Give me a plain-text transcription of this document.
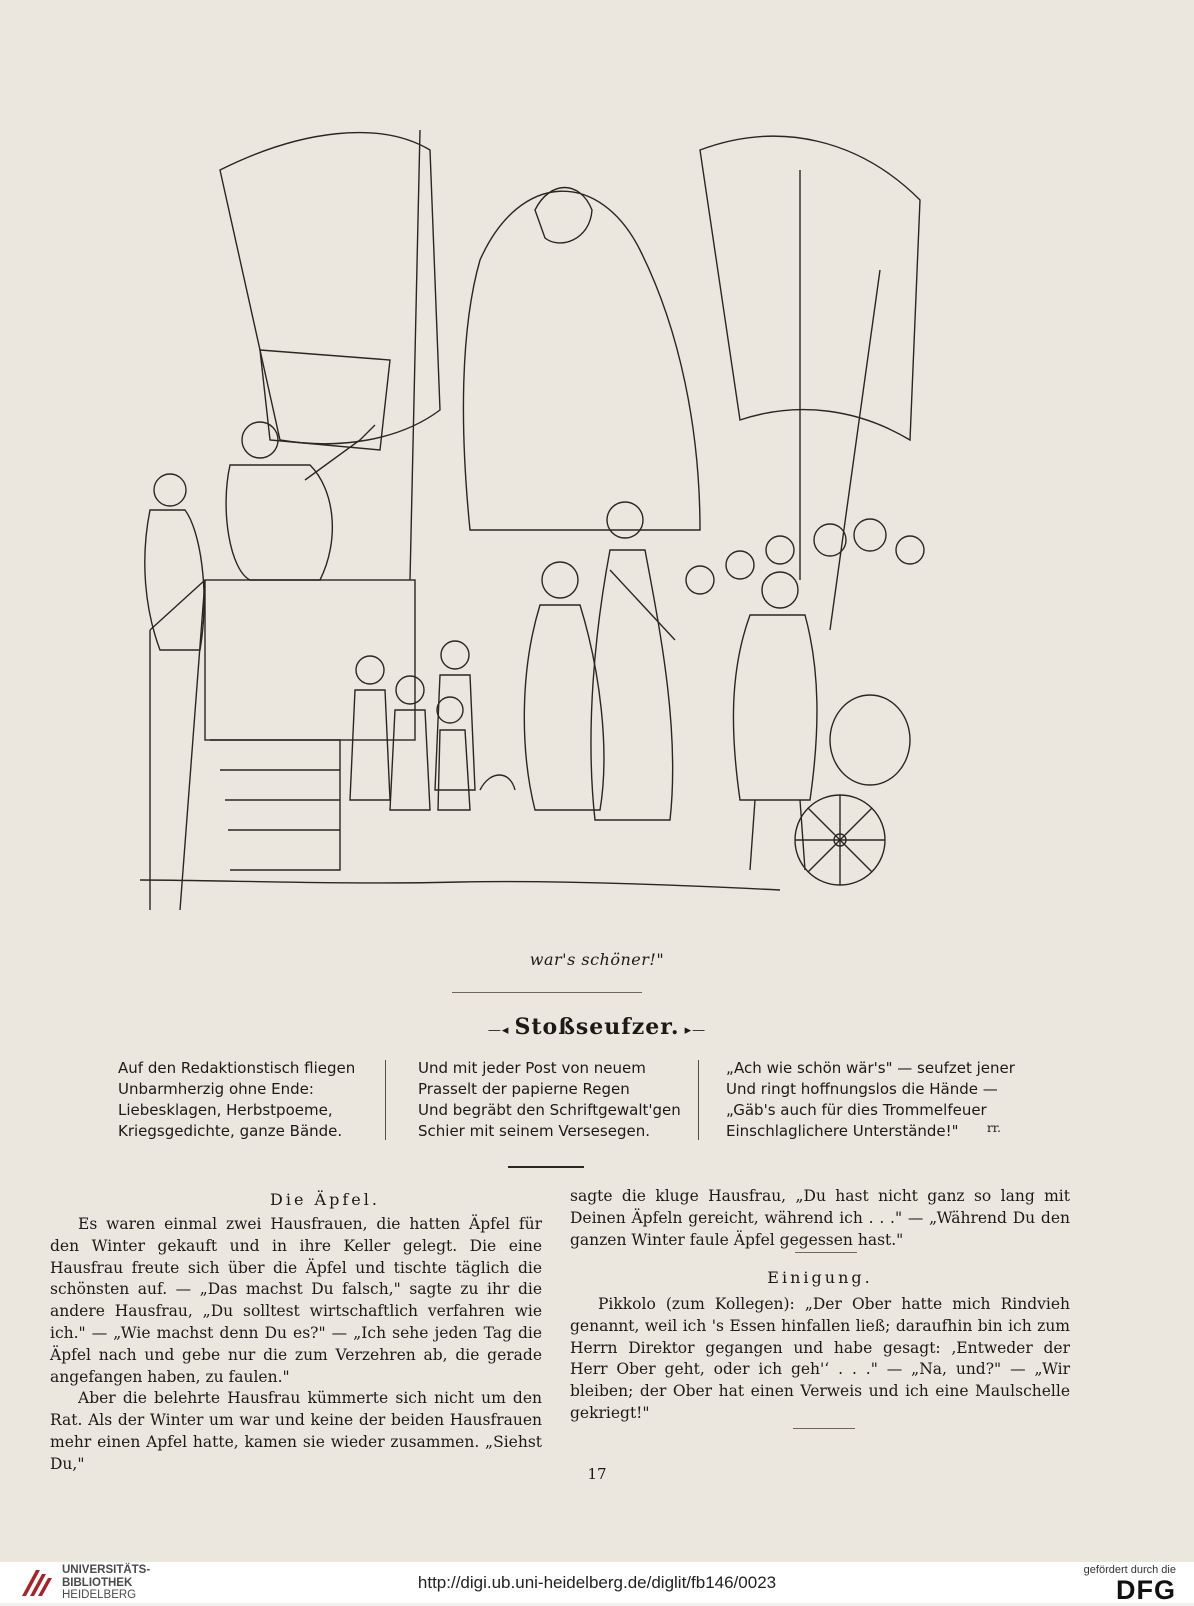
war's schöner!"
—◂ Stoßseufzer. ▸—
Auf den Redaktionstisch fliegen
Unbarmherzig ohne Ende:
Liebesklagen, Herbstpoeme,
Kriegsgedichte, ganze Bände.
Und mit jeder Post von neuem
Prasselt der papierne Regen
Und begräbt den Schriftgewalt'gen
Schier mit seinem Versesegen.
„Ach wie schön wär's" — seufzet jener
Und ringt hoffnungslos die Hände —
„Gäb's auch für dies Trommelfeuer
Einschlaglichere Unterstände!"	rr.
Die Äpfel.

Es waren einmal zwei Hausfrauen, die hatten Äpfel für den Winter gekauft und in ihre Keller gelegt. Die eine Hausfrau freute sich über die Äpfel und tischte täglich die schönsten auf. — „Das machst Du falsch," sagte zu ihr die andere Hausfrau, „Du solltest wirtschaftlich verfahren wie ich." — „Wie machst denn Du es?" — „Ich sehe jeden Tag die Äpfel nach und gebe nur die zum Verzehren ab, die gerade angefangen haben, zu faulen."

Aber die belehrte Hausfrau kümmerte sich nicht um den Rat. Als der Winter um war und keine der beiden Hausfrauen mehr einen Apfel hatte, kamen sie wieder zusammen. „Siehst Du,"

sagte die kluge Hausfrau, „Du hast nicht ganz so lang mit Deinen Äpfeln gereicht, während ich . . ." — „Während Du den ganzen Winter faule Äpfel gegessen hast."

Einigung.

Pikkolo (zum Kollegen): „Der Ober hatte mich Rindvieh genannt, weil ich 's Essen hinfallen ließ; daraufhin bin ich zum Herrn Direktor gegangen und habe gesagt: ‚Entweder der Herr Ober geht, oder ich geh'‘ . . ." — „Na, und?" — „Wir bleiben; der Ober hat einen Verweis und ich eine Maulschelle gekriegt!"

17
UNIVERSITÄTS-
BIBLIOTHEK
HEIDELBERG
http://digi.ub.uni-heidelberg.de/diglit/fb146/0023
gefördert durch die
DFG
